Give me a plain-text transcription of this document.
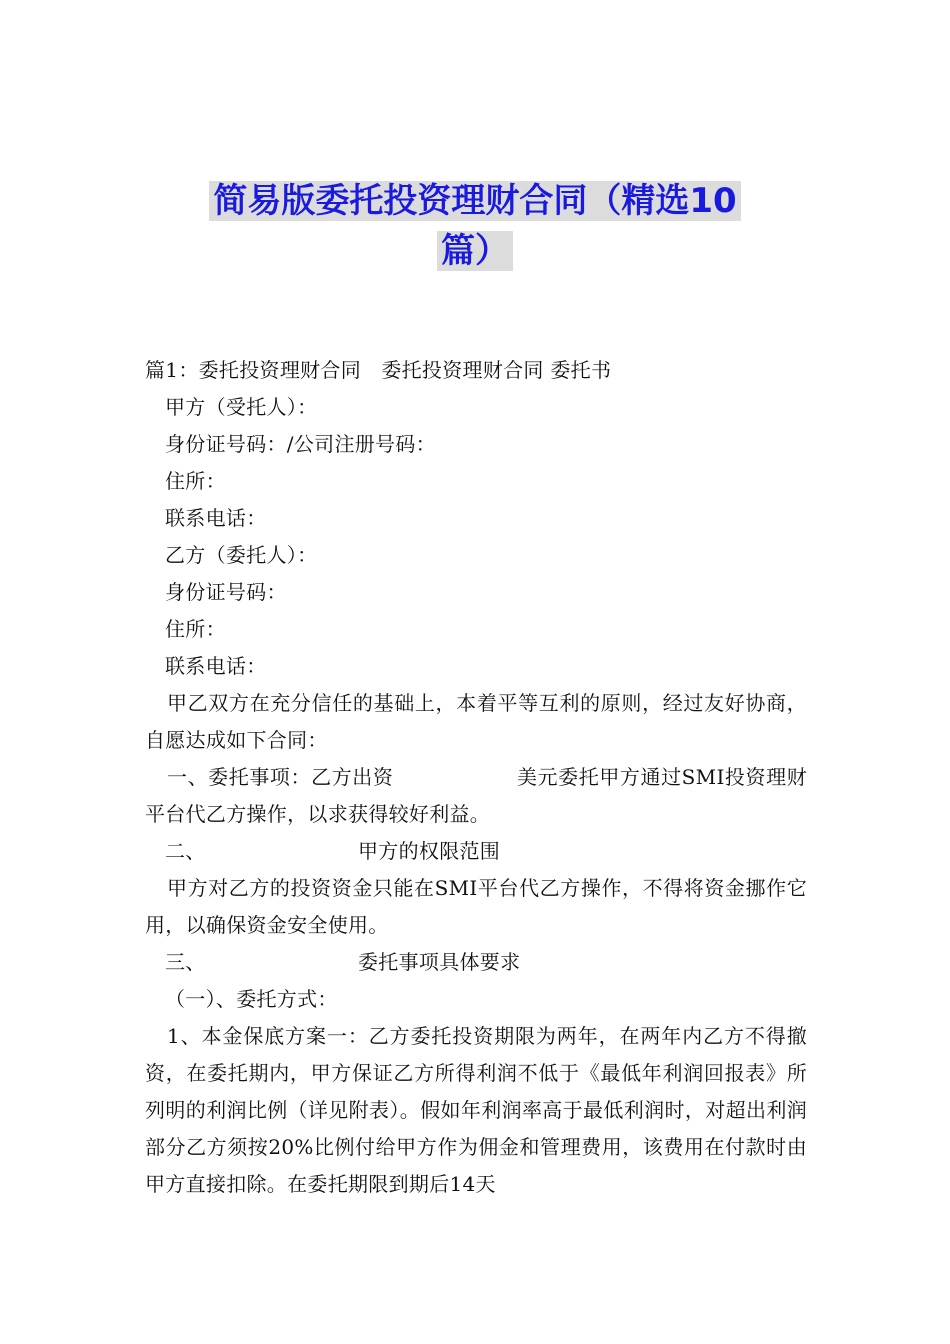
简易版委托投资理财合同（精选10
篇）

篇1：委托投资理财合同　委托投资理财合同 委托书

甲方（受托人）：

身份证号码：/公司注册号码：

住所：

联系电话：

乙方（委托人）：

身份证号码：

住所：

联系电话：

甲乙双方在充分信任的基础上，本着平等互利的原则，经过友好协商，自愿达成如下合同：

一、委托事项：乙方出资　　　　　　美元委托甲方通过SMI投资理财平台代乙方操作，以求获得较好利益。

二、　　　　　　　　甲方的权限范围

甲方对乙方的投资资金只能在SMI平台代乙方操作，不得将资金挪作它用，以确保资金安全使用。

三、　　　　　　　　委托事项具体要求

（一）、委托方式：

1、本金保底方案一：乙方委托投资期限为两年，在两年内乙方不得撤资，在委托期内，甲方保证乙方所得利润不低于《最低年利润回报表》所列明的利润比例（详见附表）。假如年利润率高于最低利润时，对超出利润部分乙方须按20%比例付给甲方作为佣金和管理费用，该费用在付款时由甲方直接扣除。在委托期限到期后14天
